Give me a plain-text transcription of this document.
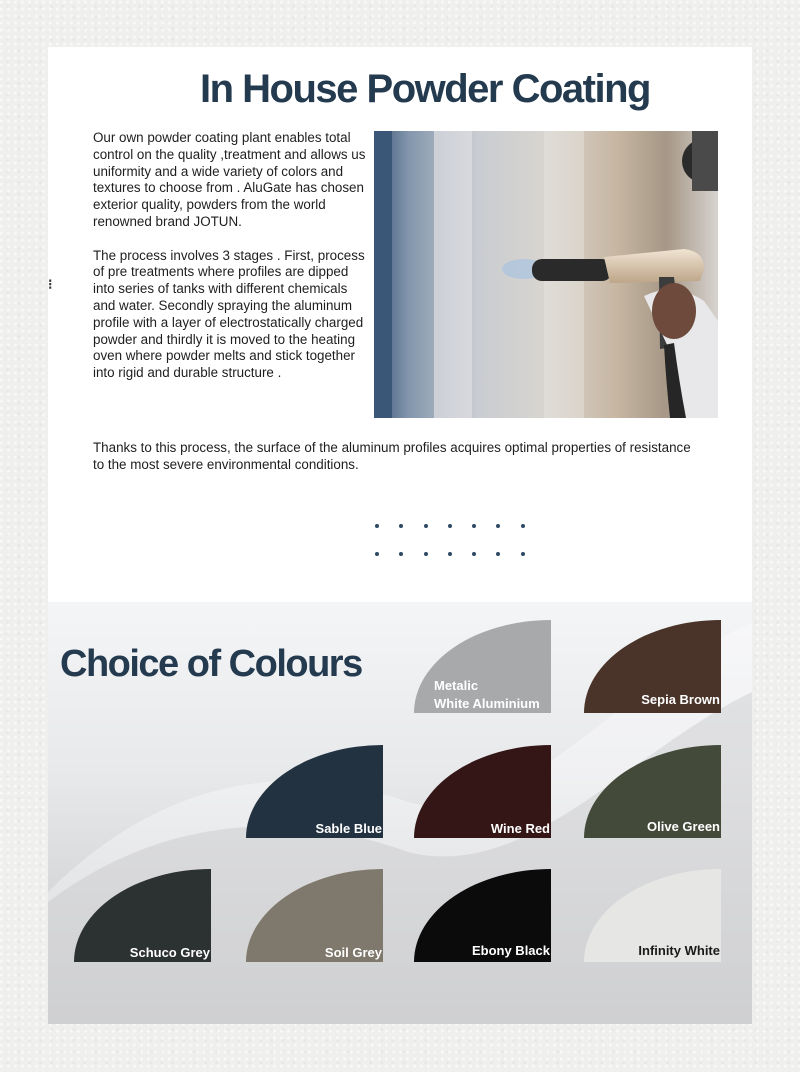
In House Powder Coating
⁝

Our own powder coating plant enables total control on the quality ,treatment and allows us uniformity and a wide variety of colors and textures to choose from . AluGate has chosen exterior quality, powders from the world renowned brand JOTUN.

The process involves 3 stages . First, process of pre treatments where profiles are dipped into series of tanks with different chemicals and water. Secondly spraying the aluminum profile with a layer of electrostatically charged powder and thirdly it is moved to the heating oven where powder melts and stick together into rigid and durable structure .

Thanks to this process, the surface of the aluminum profiles acquires optimal properties of resistance to the most severe environmental conditions.

Choice of Colours
Metalic
White Aluminium	Sepia Brown
Sable Blue	Wine Red	Olive Green
Schuco Grey	Soil Grey	Ebony Black	Infinity White
